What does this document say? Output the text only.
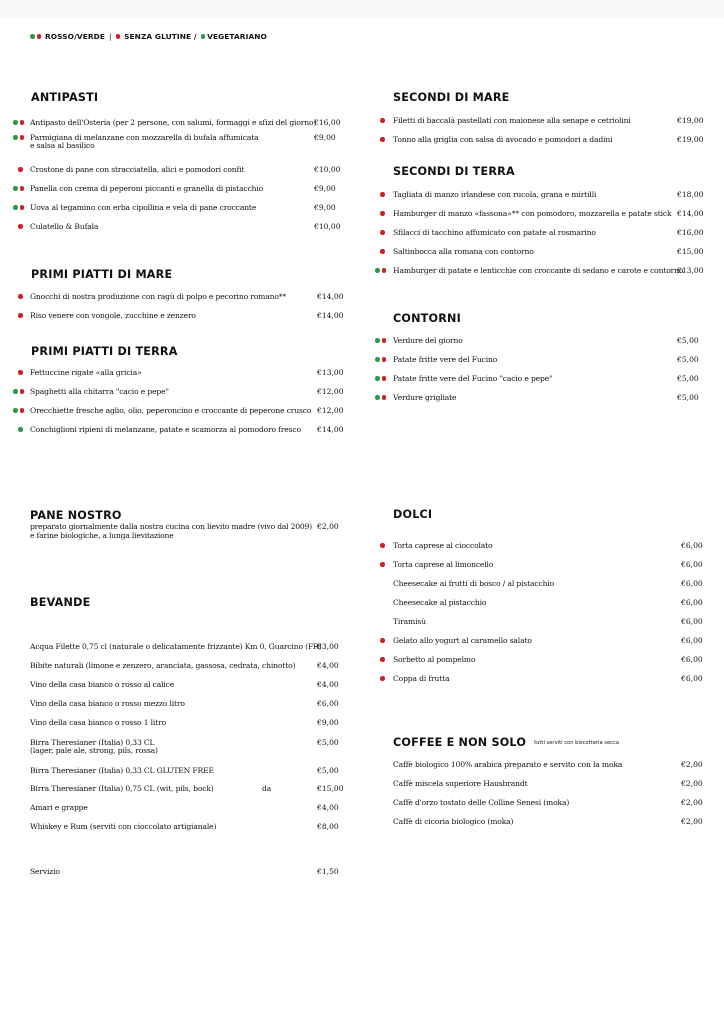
ROSSO/VERDE | SENZA GLUTINE / VEGETARIANO
ANTIPASTI
Antipasto dell'Osteria (per 2 persone, con salumi, formaggi e sfizi del giorno)
€16,00
Parmigiana di melanzane con mozzarella di bufala affumicata
e salsa al basilico
€9,00
Crostone di pane con stracciatella, alici e pomodori confit	€10,00
Panella con crema di peperoni piccanti e granella di pistacchio	€9,00
Uova al tegamino con erba cipollina e vela di pane croccante	€9,00
Culatello & Bufala	€10,00
PRIMI PIATTI DI MARE
Gnocchi di nostra produzione con ragù di polpo e pecorino romano**	€14,00
Riso venere con vongole, zucchine e zenzero	€14,00
PRIMI PIATTI DI TERRA
Fettuccine rigate «alla gricia»	€13,00
Spaghetti alla chitarra "cacio e pepe"	€12,00
Orecchiette fresche aglio, olio, peperoncino e croccante di peperone crusco €12,00
Conchiglioni ripieni di melanzane, patate e scamorza al pomodoro fresco €14,00
PANE NOSTRO
preparato giornalmente dalla nostra cucina con lievito madre (vivo dal 2009)
e farine biologiche, a lunga lievitazione
€2,00
BEVANDE
Acqua Filette 0,75 cl (naturale o delicatamente frizzante) Km 0, Guarcino (FR)
€3,00
Bibite naturali (limone e zenzero, aranciata, gassosa, cedrata, chinotto)	€4,00
Vino della casa bianco o rosso al calice	€4,00
Vino della casa bianco o rosso mezzo litro	€6,00
Vino della casa bianco o rosso 1 litro	€9,00
Birra Theresianer (Italia) 0,33 CL
(lager, pale ale, strong, pils, rossa)
€5,00
Birra Theresianer (Italia) 0,33 CL GLUTEN FREE	€5,00
Birra Theresianer (Italia) 0,75 CL (wit, pils, bock)	da	€15,00
Amari e grappe	€4,00
Whiskey e Rum (serviti con cioccolato artigianale)	€8,00
Servizio	€1,50
SECONDI DI MARE
Filetti di baccalà pastellati con maionese alla senape e cetriolini	€19,00
Tonno alla griglia con salsa di avocado e pomodori a dadini	€19,00
SECONDI DI TERRA
Tagliata di manzo irlandese con rucola, grana e mirtilli	€18,00
Hamburger di manzo «fassona»** con pomodoro, mozzarella e patate stick €14,00
Sfilacci di tacchino affumicato con patate al rosmarino	€16,00
Saltinbocca alla romana con contorno	€15,00
Hamburger di patate e lenticchie con croccante di sedano e carote e contorno
€13,00
CONTORNI
Verdure del giorno	€5,00
Patate fritte vere del Fucino	€5,00
Patate fritte vere del Fucino "cacio e pepe"	€5,00
Verdure grigliate	€5,00
DOLCI
Torta caprese al cioccolato	€6,00
Torta caprese al limoncello	€6,00
Cheesecake ai frutti di bosco / al pistacchio	€6,00
Cheesecake al pistacchio	€6,00
Tiramisù	€6,00
Gelato allo yogurt al caramello salato	€6,00
Sorbetto al pompelmo	€6,00
Coppa di frutta	€6,00
COFFEE E NON SOLO tutti serviti con biscotteria secca
Caffè biologico 100% arabica preparato e servito con la moka	€2,00
Caffè miscela superiore Hausbrandt	€2,00
Caffè d'orzo tostato delle Colline Senesi (moka)	€2,00
Caffè di cicoria biologico (moka)	€2,00
